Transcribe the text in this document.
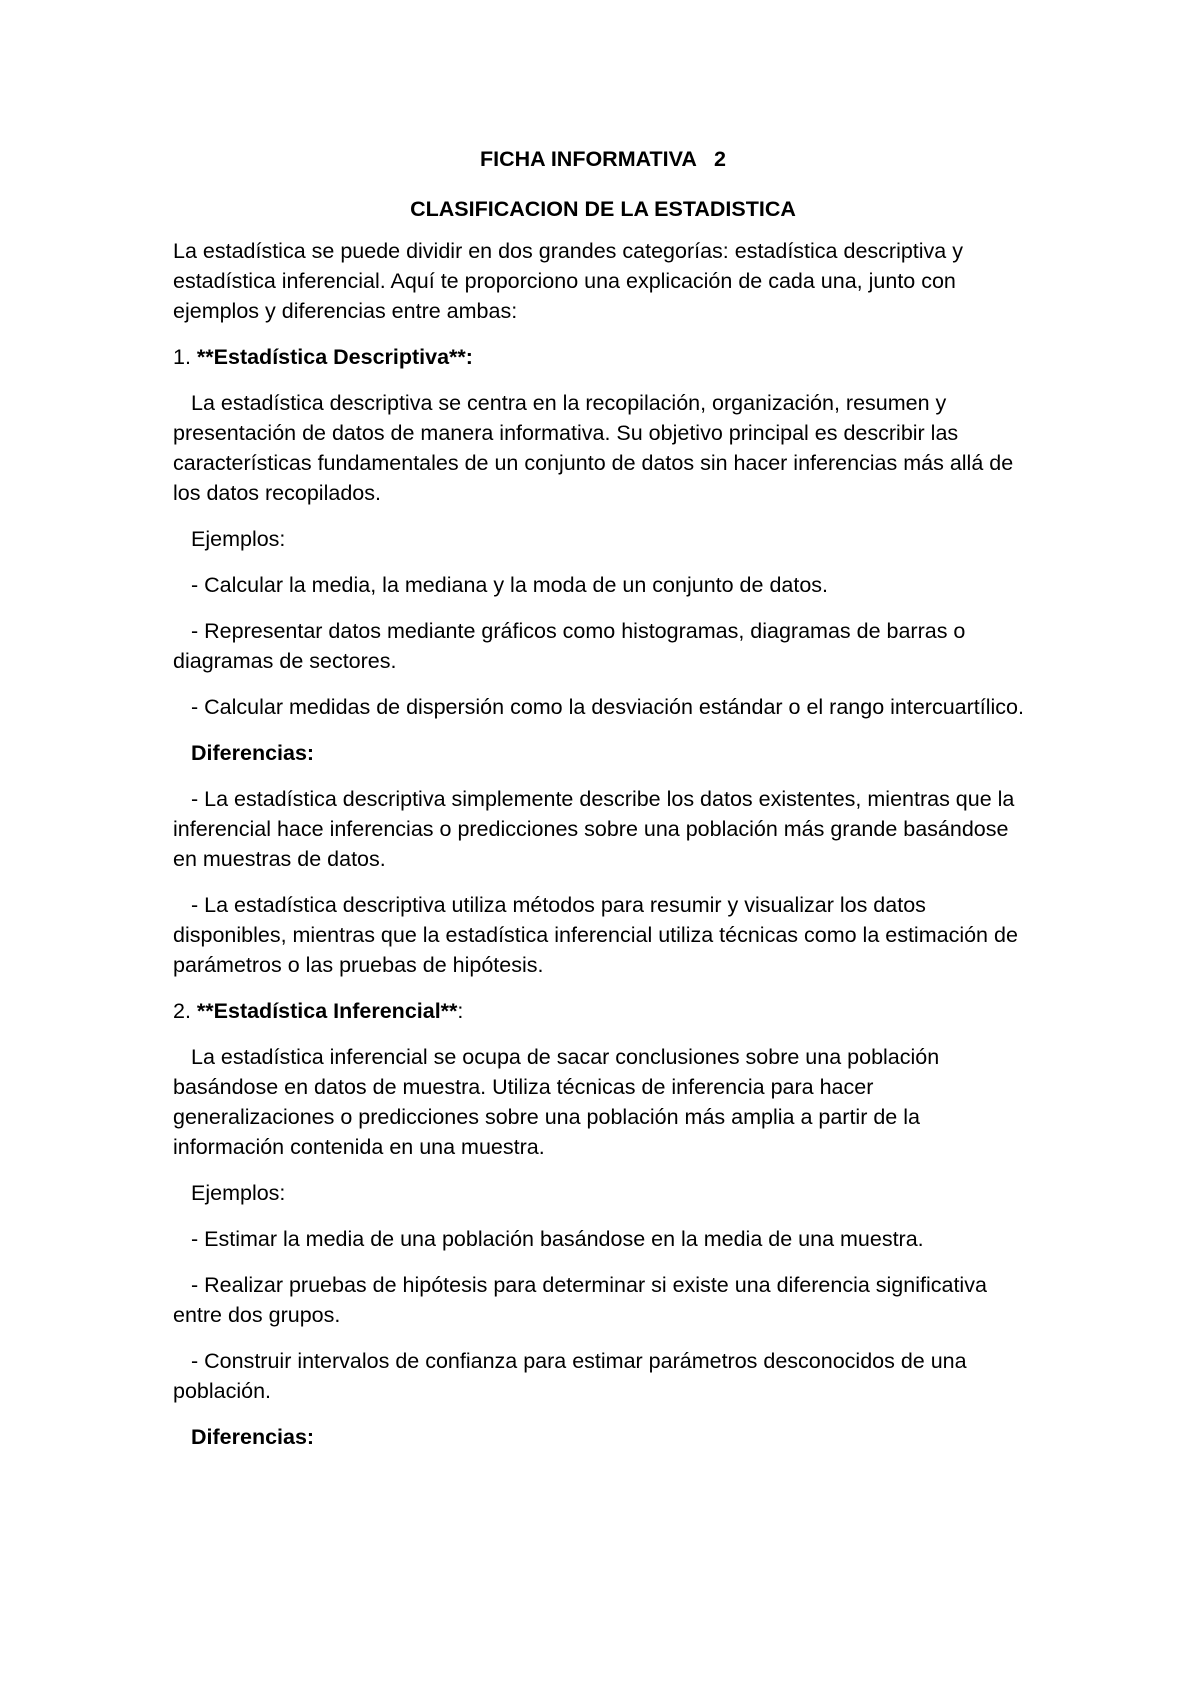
FICHA INFORMATIVA   2
CLASIFICACION DE LA ESTADISTICA

La estadística se puede dividir en dos grandes categorías: estadística descriptiva y estadística inferencial. Aquí te proporciono una explicación de cada una, junto con ejemplos y diferencias entre ambas:

1. **Estadística Descriptiva**:

La estadística descriptiva se centra en la recopilación, organización, resumen y presentación de datos de manera informativa. Su objetivo principal es describir las características fundamentales de un conjunto de datos sin hacer inferencias más allá de los datos recopilados.

Ejemplos:

- Calcular la media, la mediana y la moda de un conjunto de datos.

- Representar datos mediante gráficos como histogramas, diagramas de barras o diagramas de sectores.

- Calcular medidas de dispersión como la desviación estándar o el rango intercuartílico.

Diferencias:

- La estadística descriptiva simplemente describe los datos existentes, mientras que la inferencial hace inferencias o predicciones sobre una población más grande basándose en muestras de datos.

- La estadística descriptiva utiliza métodos para resumir y visualizar los datos disponibles, mientras que la estadística inferencial utiliza técnicas como la estimación de parámetros o las pruebas de hipótesis.

2. **Estadística Inferencial**:

La estadística inferencial se ocupa de sacar conclusiones sobre una población basándose en datos de muestra. Utiliza técnicas de inferencia para hacer generalizaciones o predicciones sobre una población más amplia a partir de la información contenida en una muestra.

Ejemplos:

- Estimar la media de una población basándose en la media de una muestra.

- Realizar pruebas de hipótesis para determinar si existe una diferencia significativa entre dos grupos.

- Construir intervalos de confianza para estimar parámetros desconocidos de una población.

Diferencias:
